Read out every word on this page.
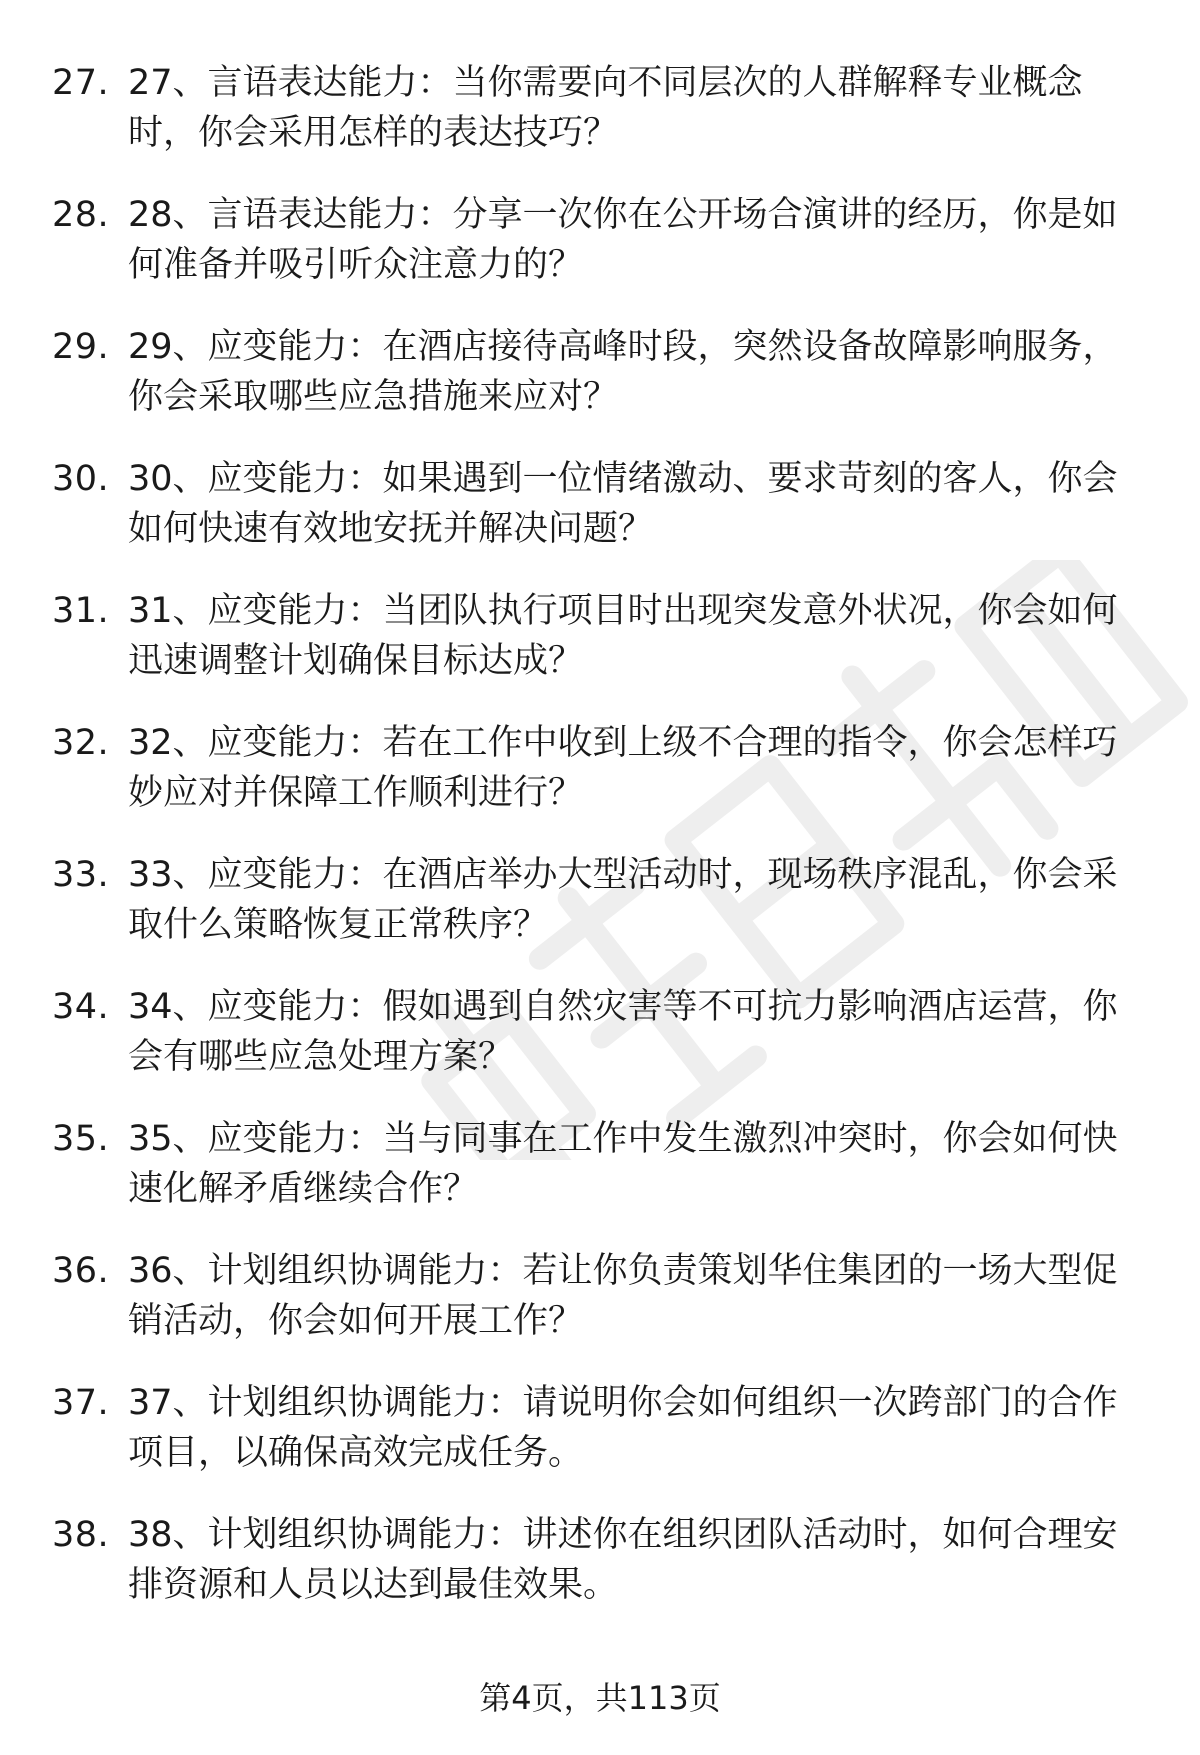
27. 27、言语表达能力：当你需要向不同层次的人群解释专业概念时，你会采用怎样的表达技巧？
28. 28、言语表达能力：分享一次你在公开场合演讲的经历，你是如何准备并吸引听众注意力的？
29. 29、应变能力：在酒店接待高峰时段，突然设备故障影响服务，你会采取哪些应急措施来应对？
30. 30、应变能力：如果遇到一位情绪激动、要求苛刻的客人，你会如何快速有效地安抚并解决问题？
31. 31、应变能力：当团队执行项目时出现突发意外状况，你会如何迅速调整计划确保目标达成？
32. 32、应变能力：若在工作中收到上级不合理的指令，你会怎样巧妙应对并保障工作顺利进行？
33. 33、应变能力：在酒店举办大型活动时，现场秩序混乱，你会采取什么策略恢复正常秩序？
34. 34、应变能力：假如遇到自然灾害等不可抗力影响酒店运营，你会有哪些应急处理方案？
35. 35、应变能力：当与同事在工作中发生激烈冲突时，你会如何快速化解矛盾继续合作？
36. 36、计划组织协调能力：若让你负责策划华住集团的一场大型促销活动，你会如何开展工作？
37. 37、计划组织协调能力：请说明你会如何组织一次跨部门的合作项目，以确保高效完成任务。
38. 38、计划组织协调能力：讲述你在组织团队活动时，如何合理安排资源和人员以达到最佳效果。
第4页，共113页
